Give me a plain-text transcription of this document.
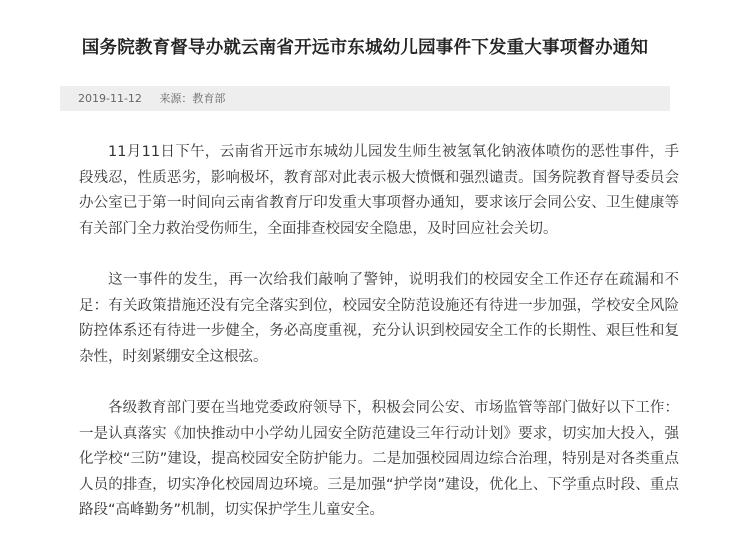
国务院教育督导办就云南省开远市东城幼儿园事件下发重大事项督办通知
2019-11-12 来源：教育部

11月11日下午，云南省开远市东城幼儿园发生师生被氢氧化钠液体喷伤的恶性事件，手段残忍，性质恶劣，影响极坏，教育部对此表示极大愤慨和强烈谴责。国务院教育督导委员会办公室已于第一时间向云南省教育厅印发重大事项督办通知，要求该厅会同公安、卫生健康等有关部门全力救治受伤师生，全面排查校园安全隐患，及时回应社会关切。

这一事件的发生，再一次给我们敲响了警钟，说明我们的校园安全工作还存在疏漏和不足：有关政策措施还没有完全落实到位，校园安全防范设施还有待进一步加强，学校安全风险防控体系还有待进一步健全，务必高度重视，充分认识到校园安全工作的长期性、艰巨性和复杂性，时刻紧绷安全这根弦。

各级教育部门要在当地党委政府领导下，积极会同公安、市场监管等部门做好以下工作：一是认真落实《加快推动中小学幼儿园安全防范建设三年行动计划》要求，切实加大投入，强化学校“三防”建设，提高校园安全防护能力。二是加强校园周边综合治理，特别是对各类重点人员的排查，切实净化校园周边环境。三是加强“护学岗”建设，优化上、下学重点时段、重点路段“高峰勤务”机制，切实保护学生儿童安全。
